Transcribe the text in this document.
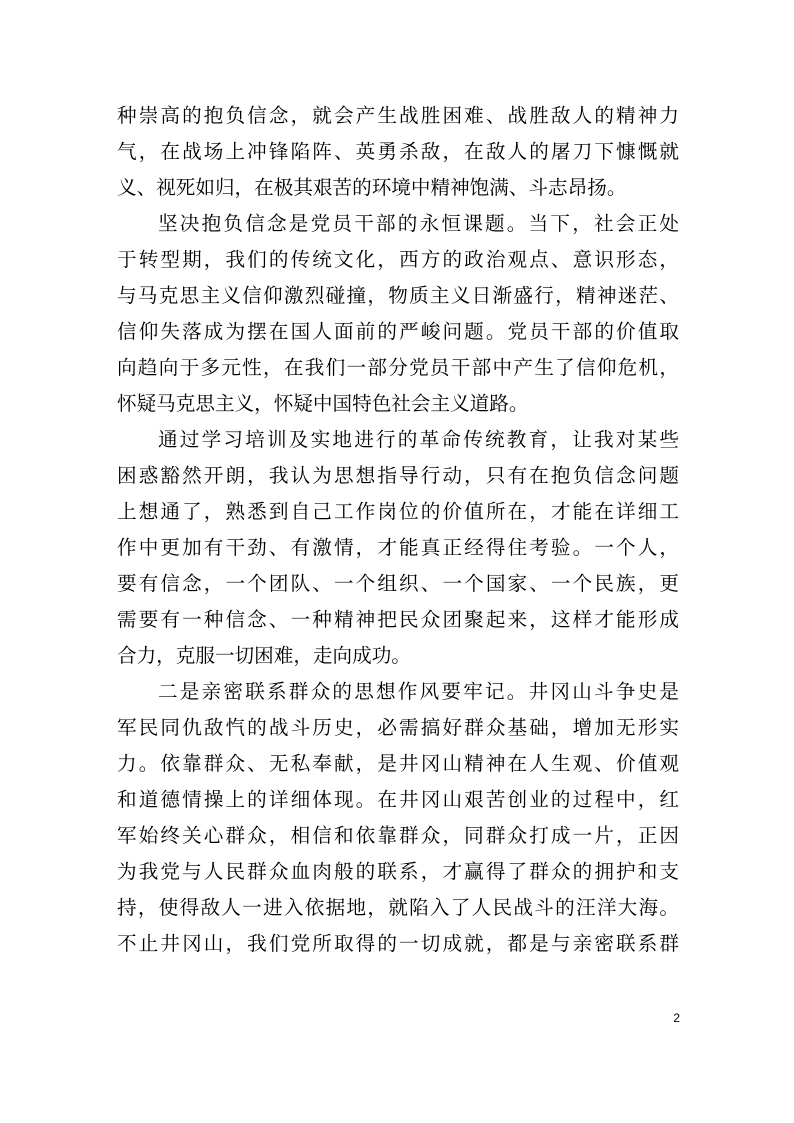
种崇高的抱负信念，就会产生战胜困难、战胜敌人的精神力
气，在战场上冲锋陷阵、英勇杀敌，在敌人的屠刀下慷慨就
义、视死如归，在极其艰苦的环境中精神饱满、斗志昂扬。
坚决抱负信念是党员干部的永恒课题。当下，社会正处
于转型期，我们的传统文化，西方的政治观点、意识形态，
与马克思主义信仰激烈碰撞，物质主义日渐盛行，精神迷茫、
信仰失落成为摆在国人面前的严峻问题。党员干部的价值取
向趋向于多元性，在我们一部分党员干部中产生了信仰危机，
怀疑马克思主义，怀疑中国特色社会主义道路。
通过学习培训及实地进行的革命传统教育，让我对某些
困惑豁然开朗，我认为思想指导行动，只有在抱负信念问题
上想通了，熟悉到自己工作岗位的价值所在，才能在详细工
作中更加有干劲、有激情，才能真正经得住考验。一个人，
要有信念，一个团队、一个组织、一个国家、一个民族，更
需要有一种信念、一种精神把民众团聚起来，这样才能形成
合力，克服一切困难，走向成功。
二是亲密联系群众的思想作风要牢记。井冈山斗争史是
军民同仇敌忾的战斗历史，必需搞好群众基础，增加无形实
力。依靠群众、无私奉献，是井冈山精神在人生观、价值观
和道德情操上的详细体现。在井冈山艰苦创业的过程中，红
军始终关心群众，相信和依靠群众，同群众打成一片，正因
为我党与人民群众血肉般的联系，才赢得了群众的拥护和支
持，使得敌人一进入依据地，就陷入了人民战斗的汪洋大海。
不止井冈山，我们党所取得的一切成就，都是与亲密联系群
2
